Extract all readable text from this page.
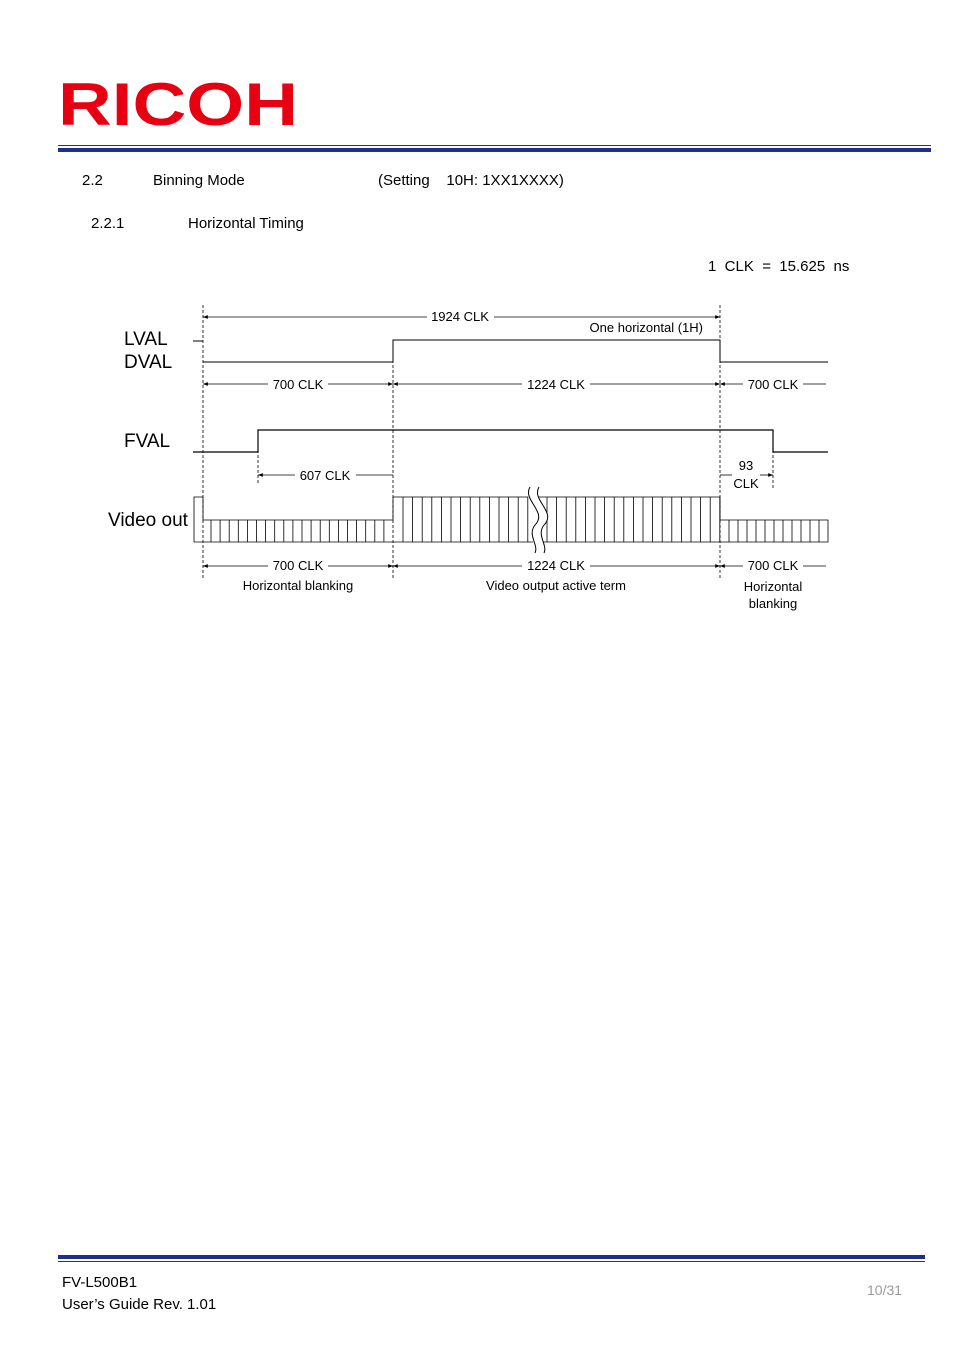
RICOH
2.2	Binning Mode	(Setting    10H: 1XX1XXXX)
2.2.1	Horizontal Timing
1  CLK  =  15.625  ns
LVAL
DVAL
FVAL
Video out
1924 CLK
One horizontal (1H)
700 CLK	1224 CLK	700 CLK
607 CLK
93
CLK
700 CLK	1224 CLK	700 CLK
Horizontal blanking	Video output active term	Horizontal
blanking
FV-L500B1
User’s Guide Rev. 1.01
10/31
